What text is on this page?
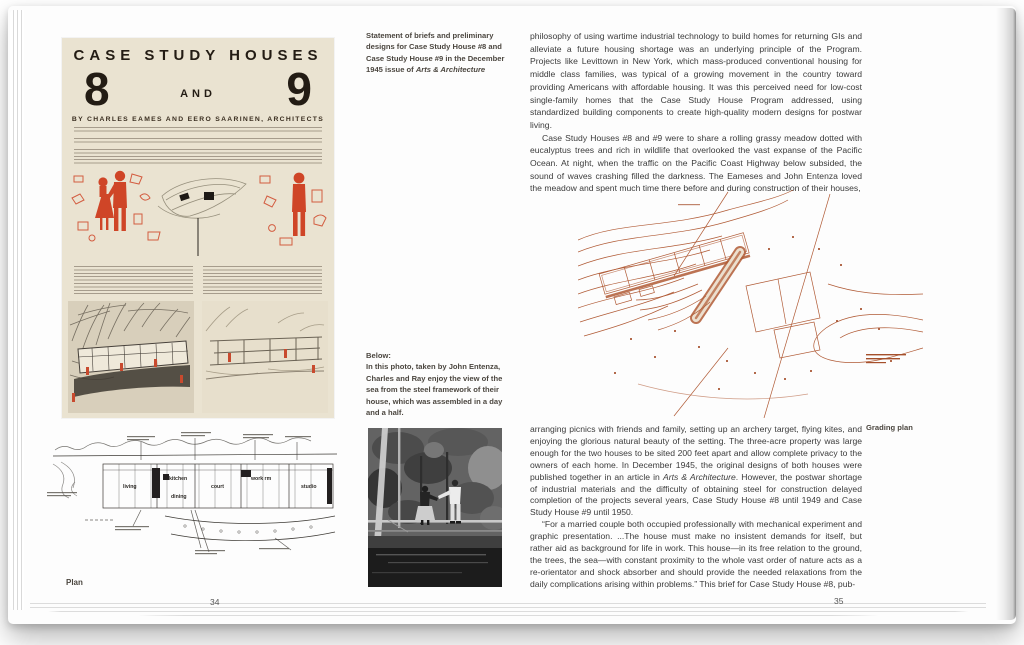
CASE STUDY HOUSES
8	AND 9
BY CHARLES EAMES AND EERO SAARINEN, ARCHITECTS
Statement of briefs and preliminary designs for Case Study House #8 and Case Study House #9 in the December 1945 issue of Arts & Architecture
Below:
In this photo, taken by John Entenza, Charles and Ray enjoy the view of the sea from the steel framework of their house, which was assembled in a day and a half.
living
kitchen
dining
court
work rm
studio
Plan
34

philosophy of using wartime industrial technology to build homes for returning GIs and alleviate a future housing shortage was an underlying principle of the Program. Projects like Levittown in New York, which mass-produced conventional housing for middle class families, was typical of a growing movement in the country toward providing Americans with affordable housing. It was this perceived need for low-cost single-family homes that the Case Study House Program addressed, using standardized building components to create high-quality modern designs for postwar living.

Case Study Houses #8 and #9 were to share a rolling grassy meadow dotted with eucalyptus trees and rich in wildlife that overlooked the vast expanse of the Pacific Ocean. At night, when the traffic on the Pacific Coast Highway below subsided, the sound of waves crashing filled the darkness. The Eameses and John Entenza loved the meadow and spent much time there before and during construction of their houses,

Grading plan

arranging picnics with friends and family, setting up an archery target, flying kites, and enjoying the glorious natural beauty of the setting. The three-acre property was large enough for the two houses to be sited 200 feet apart and allow complete privacy to the owners of each home. In December 1945, the original designs of both houses were published together in an article in Arts & Architecture. However, the postwar shortage of industrial materials and the difficulty of obtaining steel for construction delayed completion of the projects several years, Case Study House #8 until 1949 and Case Study House #9 until 1950.

“For a married couple both occupied professionally with mechanical experiment and graphic presentation. ...The house must make no insistent demands for itself, but rather aid as background for life in work. This house—in its free relation to the ground, the trees, the sea—with constant proximity to the whole vast order of nature acts as a re-orientator and shock absorber and should provide the needed relaxations from the daily complications arising within problems.” This brief for Case Study House #8, pub-

35
